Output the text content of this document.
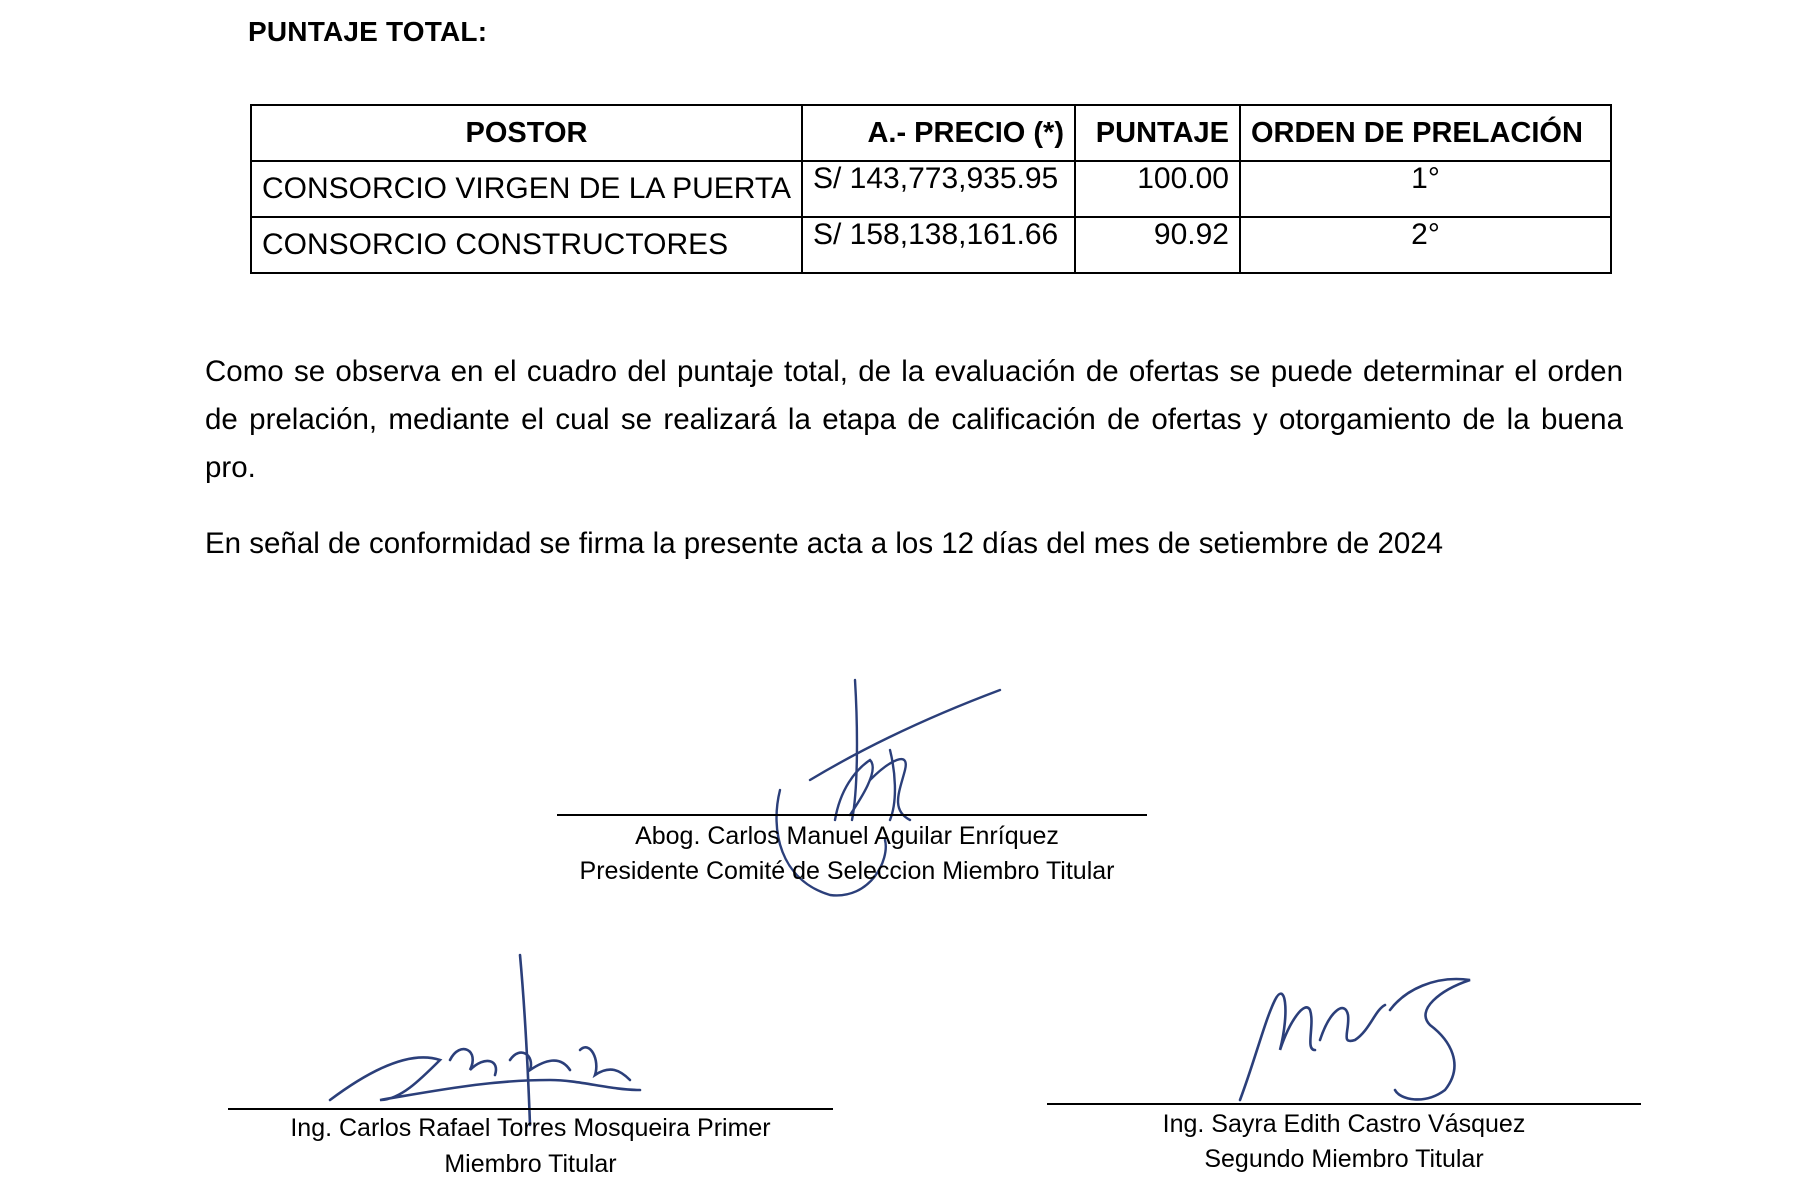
PUNTAJE TOTAL:
POSTOR	A.- PRECIO (*)	PUNTAJE	ORDEN DE PRELACIÓN
CONSORCIO VIRGEN DE LA PUERTA	S/ 143,773,935.95	100.00	1°
CONSORCIO CONSTRUCTORES	S/ 158,138,161.66	90.92	2°

Como se observa en el cuadro del puntaje total, de la evaluación de ofertas se puede determinar el orden de prelación, mediante el cual se realizará la etapa de calificación de ofertas y otorgamiento de la buena pro.

En señal de conformidad se firma la presente acta a los 12 días del mes de setiembre de 2024

Abog. Carlos Manuel Aguilar Enríquez
Presidente Comité de Seleccion Miembro Titular
Ing. Carlos Rafael Torres Mosqueira Primer
Miembro Titular
Ing. Sayra Edith Castro Vásquez
Segundo Miembro Titular
